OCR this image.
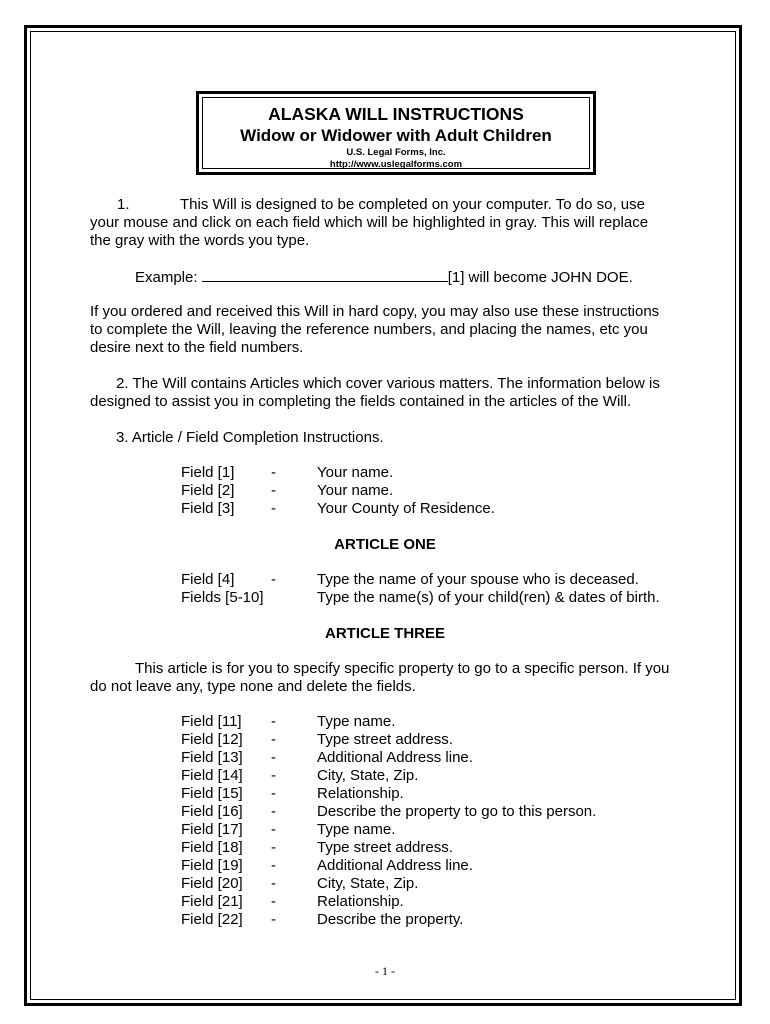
ALASKA WILL INSTRUCTIONS
Widow or Widower with Adult Children
U.S. Legal Forms, Inc.
http://www.uslegalforms.com
1.	This Will is designed to be completed on your computer. To do so, use
your mouse and click on each field which will be highlighted in gray. This will replace
the gray with the words you type.
Example:	[1] will become JOHN DOE.
If you ordered and received this Will in hard copy, you may also use these instructions
to complete the Will, leaving the reference numbers, and placing the names, etc you
desire next to the field numbers.
2. The Will contains Articles which cover various matters. The information below is
designed to assist you in completing the fields contained in the articles of the Will.
3. Article / Field Completion Instructions.
Field [1] -	Your name.
Field [2] -	Your name.
Field [3] -	Your County of Residence.
ARTICLE ONE
Field [4] -	Type the name of your spouse who is deceased.
Fields [5-10]	Type the name(s) of your child(ren) & dates of birth.
ARTICLE THREE
This article is for you to specify specific property to go to a specific person. If you
do not leave any, type none and delete the fields.
Field [11] -	Type name.
Field [12] -	Type street address.
Field [13] -	Additional Address line.
Field [14] -	City, State, Zip.
Field [15] -	Relationship.
Field [16] -	Describe the property to go to this person.
Field [17] -	Type name.
Field [18] -	Type street address.
Field [19] -	Additional Address line.
Field [20] -	City, State, Zip.
Field [21] -	Relationship.
Field [22] -	Describe the property.
- 1 -
